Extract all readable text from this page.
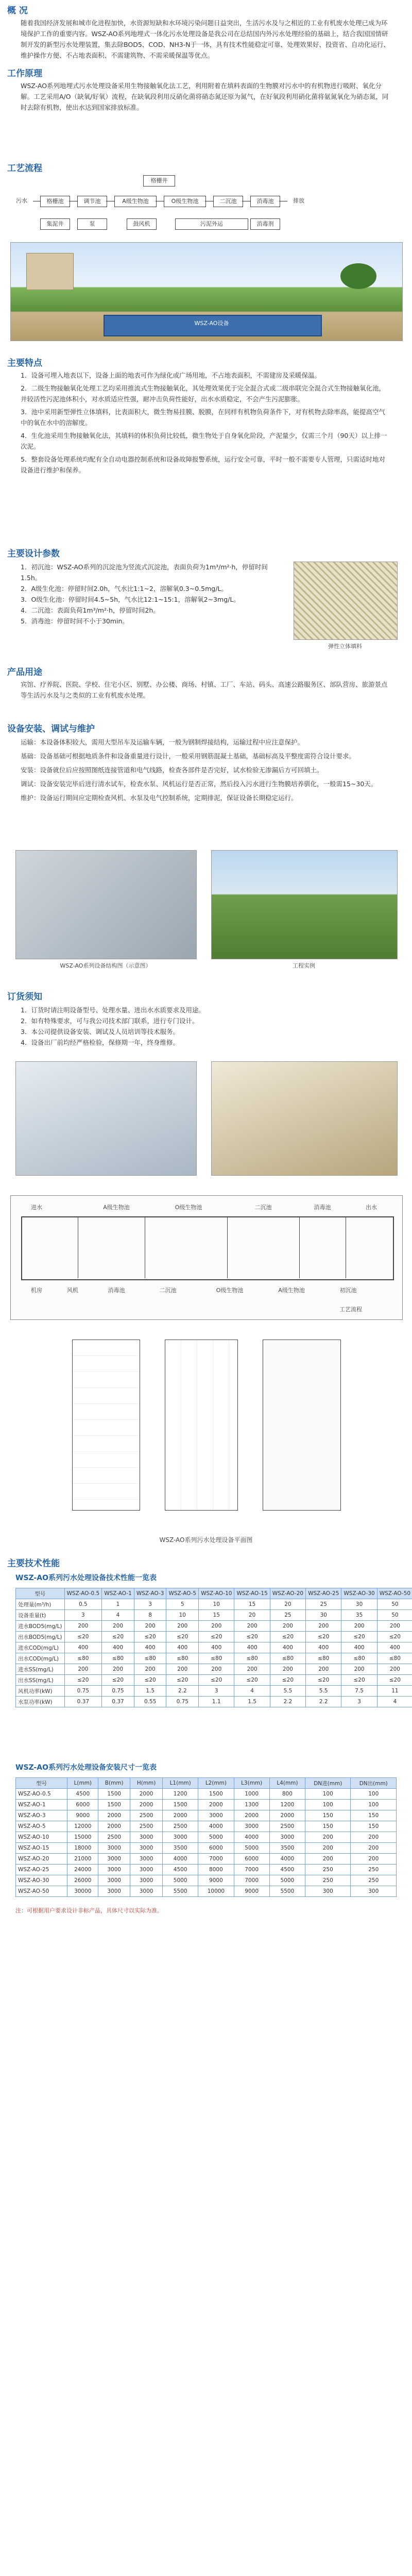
概 况
随着我国经济发展和城市化进程加快，水资源短缺和水环境污染问题日益突出，生活污水及与之相近的工业有机废水处理已成为环境保护工作的重要内容。WSZ-AO系列地埋式一体化污水处理设备是我公司在总结国内外污水处理经验的基础上，结合我国国情研制开发的新型污水处理装置，集去除BOD5、COD、NH3-N于一体，具有技术性能稳定可靠、处理效果好、投资省、自动化运行、维护操作方便、不占地表面积、不需建筑物、不需采暖保温等优点。
工作原理
WSZ-AO系列地埋式污水处理设备采用生物接触氧化法工艺，利用附着在填料表面的生物膜对污水中的有机物进行吸附、氧化分解。工艺采用A/O（缺氧/好氧）流程，在缺氧段利用反硝化菌将硝态氮还原为氮气，在好氧段利用硝化菌将氨氮氧化为硝态氮，同时去除有机物，使出水达到国家排放标准。
工艺流程
格栅井
污水	格栅池	调节池	A级生物池	O级生物池	二沉池	消毒池	排放
集泥井	泵	鼓风机	消毒剂
污泥外运
WSZ-AO设备
主要特点
1．设备可埋入地表以下，设备上面的地表可作为绿化或广场用地，不占地表面积，不需建房及采暖保温。
2．二级生物接触氧化处理工艺均采用推流式生物接触氧化，其处理效果优于完全混合式或二级串联完全混合式生物接触氧化池，并较活性污泥池体积小，对水质适应性强，耐冲击负荷性能好，出水水质稳定，不会产生污泥膨胀。
3．池中采用新型弹性立体填料，比表面积大，微生物易挂膜、脱膜，在同样有机物负荷条件下，对有机物去除率高，能提高空气中的氧在水中的溶解度。
4．生化池采用生物接触氧化法，其填料的体积负荷比较低，微生物处于自身氧化阶段，产泥量少，仅需三个月（90天）以上排一次泥。
5．整套设备处理系统均配有全自动电器控制系统和设备故障报警系统，运行安全可靠，平时一般不需要专人管理，只需适时地对设备进行维护和保养。
主要设计参数
1．初沉池：WSZ-AO系列的沉淀池为竖流式沉淀池，表面负荷为1m³/m²·h，停留时间1.5h。
2．A级生化池：停留时间2.0h，气水比1:1~2，溶解氧0.3~0.5mg/L。
3．O级生化池：停留时间4.5~5h，气水比12:1~15:1，溶解氧2~3mg/L。
4．二沉池：表面负荷1m³/m²·h，停留时间2h。
5．消毒池：停留时间不小于30min。
弹性立体填料
产品用途
宾馆、疗养院、医院、学校、住宅小区、别墅、办公楼、商场、村镇、工厂、车站、码头、高速公路服务区、部队营房、旅游景点等生活污水及与之类似的工业有机废水处理。
设备安装、调试与维护
运输：本设备体积较大，需用大型吊车及运输车辆，一般为钢制焊接结构，运输过程中应注意保护。
基础：设备基础可根据地质条件和设备重量进行设计，一般采用钢筋混凝土基础，基础标高及平整度需符合设计要求。
安装：设备就位后应按照图纸连接管道和电气线路，检查各部件是否完好，试水检验无渗漏后方可回填土。
调试：设备安装完毕后进行清水试车，检查水泵、风机运行是否正常，然后投入污水进行生物膜培养驯化，一般需15~30天。
维护：设备运行期间应定期检查风机、水泵及电气控制系统，定期排泥，保证设备长期稳定运行。
WSZ-AO系列设备结构图（示意图）	工程实例
订货须知
1．订货时请注明设备型号、处理水量、进出水水质要求及用途。
2．如有特殊要求，可与我公司技术部门联系，进行专门设计。
3．本公司提供设备安装、调试及人员培训等技术服务。
4．设备出厂前均经严格检验，保修期一年，终身维修。
进水	A级生物池	O级生物池	二沉池	消毒池	出水
机房	风机	消毒池	二沉池	O级生物池	A级生物池	初沉池
工艺流程
WSZ-AO系列污水处理设备平面图
主要技术性能
WSZ-AO系列污水处理设备技术性能一览表
型号	WSZ-AO-0.5	WSZ-AO-1	WSZ-AO-3	WSZ-AO-5	WSZ-AO-10	WSZ-AO-15	WSZ-AO-20	WSZ-AO-25	WSZ-AO-30	WSZ-AO-50
处理量(m³/h)	0.5	1	3	5	10	15	20	25	30	50
设备重量(t)	3	4	8	10	15	20	25	30	35	50
进水BOD5(mg/L)	200	200	200	200	200	200	200	200	200	200
出水BOD5(mg/L)	≤20	≤20	≤20	≤20	≤20	≤20	≤20	≤20	≤20	≤20
进水COD(mg/L)	400	400	400	400	400	400	400	400	400	400
出水COD(mg/L)	≤80	≤80	≤80	≤80	≤80	≤80	≤80	≤80	≤80	≤80
进水SS(mg/L)	200	200	200	200	200	200	200	200	200	200
出水SS(mg/L)	≤20	≤20	≤20	≤20	≤20	≤20	≤20	≤20	≤20	≤20
风机功率(kW)	0.75	0.75	1.5	2.2	3	4	5.5	5.5	7.5	11
水泵功率(kW)	0.37	0.37	0.55	0.75	1.1	1.5	2.2	2.2	3	4
WSZ-AO系列污水处理设备安装尺寸一览表
型号	L(mm)	B(mm)	H(mm)	L1(mm)	L2(mm)	L3(mm)	L4(mm)	DN进(mm)	DN出(mm)
WSZ-AO-0.5	4500	1500	2000	1200	1500	1000	800	100	100
WSZ-AO-1	6000	1500	2000	1500	2000	1300	1200	100	100
WSZ-AO-3	9000	2000	2500	2000	3000	2000	2000	150	150
WSZ-AO-5	12000	2000	2500	2500	4000	3000	2500	150	150
WSZ-AO-10	15000	2500	3000	3000	5000	4000	3000	200	200
WSZ-AO-15	18000	3000	3000	3500	6000	5000	3500	200	200
WSZ-AO-20	21000	3000	3000	4000	7000	6000	4000	200	200
WSZ-AO-25	24000	3000	3000	4500	8000	7000	4500	250	250
WSZ-AO-30	26000	3000	3000	5000	9000	7000	5000	250	250
WSZ-AO-50	30000	3000	3000	5500	10000	9000	5500	300	300
注：可根据用户要求设计非标产品，具体尺寸以实际为准。
